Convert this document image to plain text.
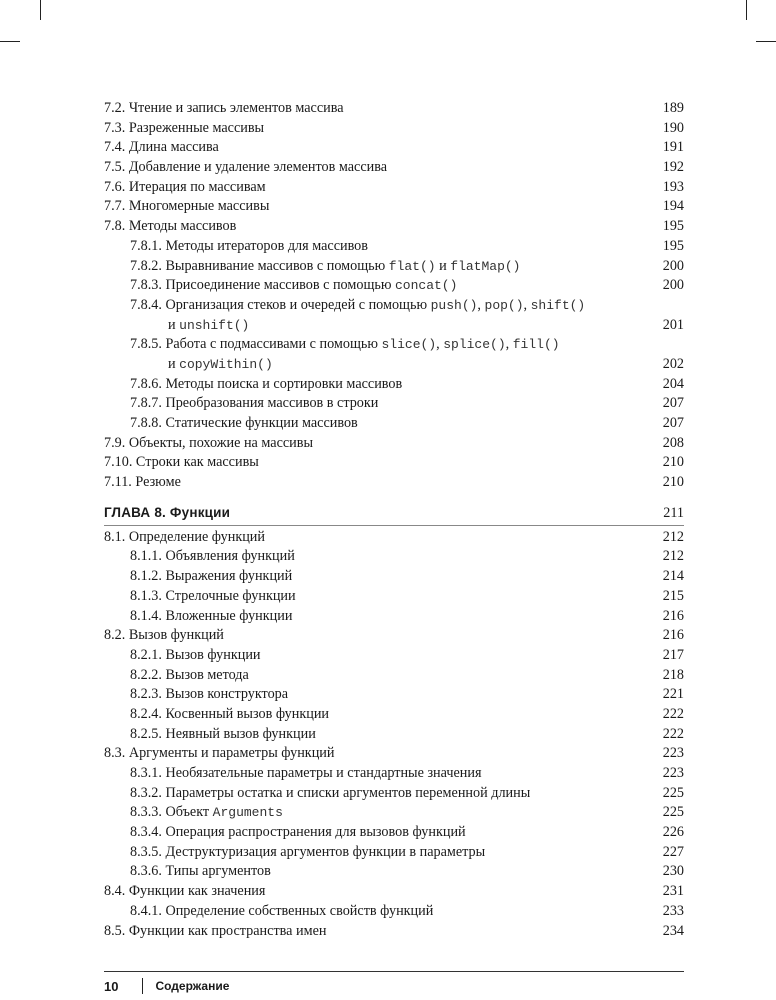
7.2. Чтение и запись элементов массива	189
7.3. Разреженные массивы	190
7.4. Длина массива	191
7.5. Добавление и удаление элементов массива	192
7.6. Итерация по массивам	193
7.7. Многомерные массивы	194
7.8. Методы массивов	195
7.8.1. Методы итераторов для массивов	195
7.8.2. Выравнивание массивов с помощью flat() и flatMap()	200
7.8.3. Присоединение массивов с помощью concat()	200
7.8.4. Организация стеков и очередей с помощью push(), pop(), shift()
и unshift()	201
7.8.5. Работа с подмассивами с помощью slice(), splice(), fill()
и copyWithin()	202
7.8.6. Методы поиска и сортировки массивов	204
7.8.7. Преобразования массивов в строки	207
7.8.8. Статические функции массивов	207
7.9. Объекты, похожие на массивы	208
7.10. Строки как массивы	210
7.11. Резюме	210
ГЛАВА 8. Функции	211
8.1. Определение функций	212
8.1.1. Объявления функций	212
8.1.2. Выражения функций	214
8.1.3. Стрелочные функции	215
8.1.4. Вложенные функции	216
8.2. Вызов функций	216
8.2.1. Вызов функции	217
8.2.2. Вызов метода	218
8.2.3. Вызов конструктора	221
8.2.4. Косвенный вызов функции	222
8.2.5. Неявный вызов функции	222
8.3. Аргументы и параметры функций	223
8.3.1. Необязательные параметры и стандартные значения	223
8.3.2. Параметры остатка и списки аргументов переменной длины	225
8.3.3. Объект Arguments	225
8.3.4. Операция распространения для вызовов функций	226
8.3.5. Деструктуризация аргументов функции в параметры	227
8.3.6. Типы аргументов	230
8.4. Функции как значения	231
8.4.1. Определение собственных свойств функций	233
8.5. Функции как пространства имен	234
10	Содержание
